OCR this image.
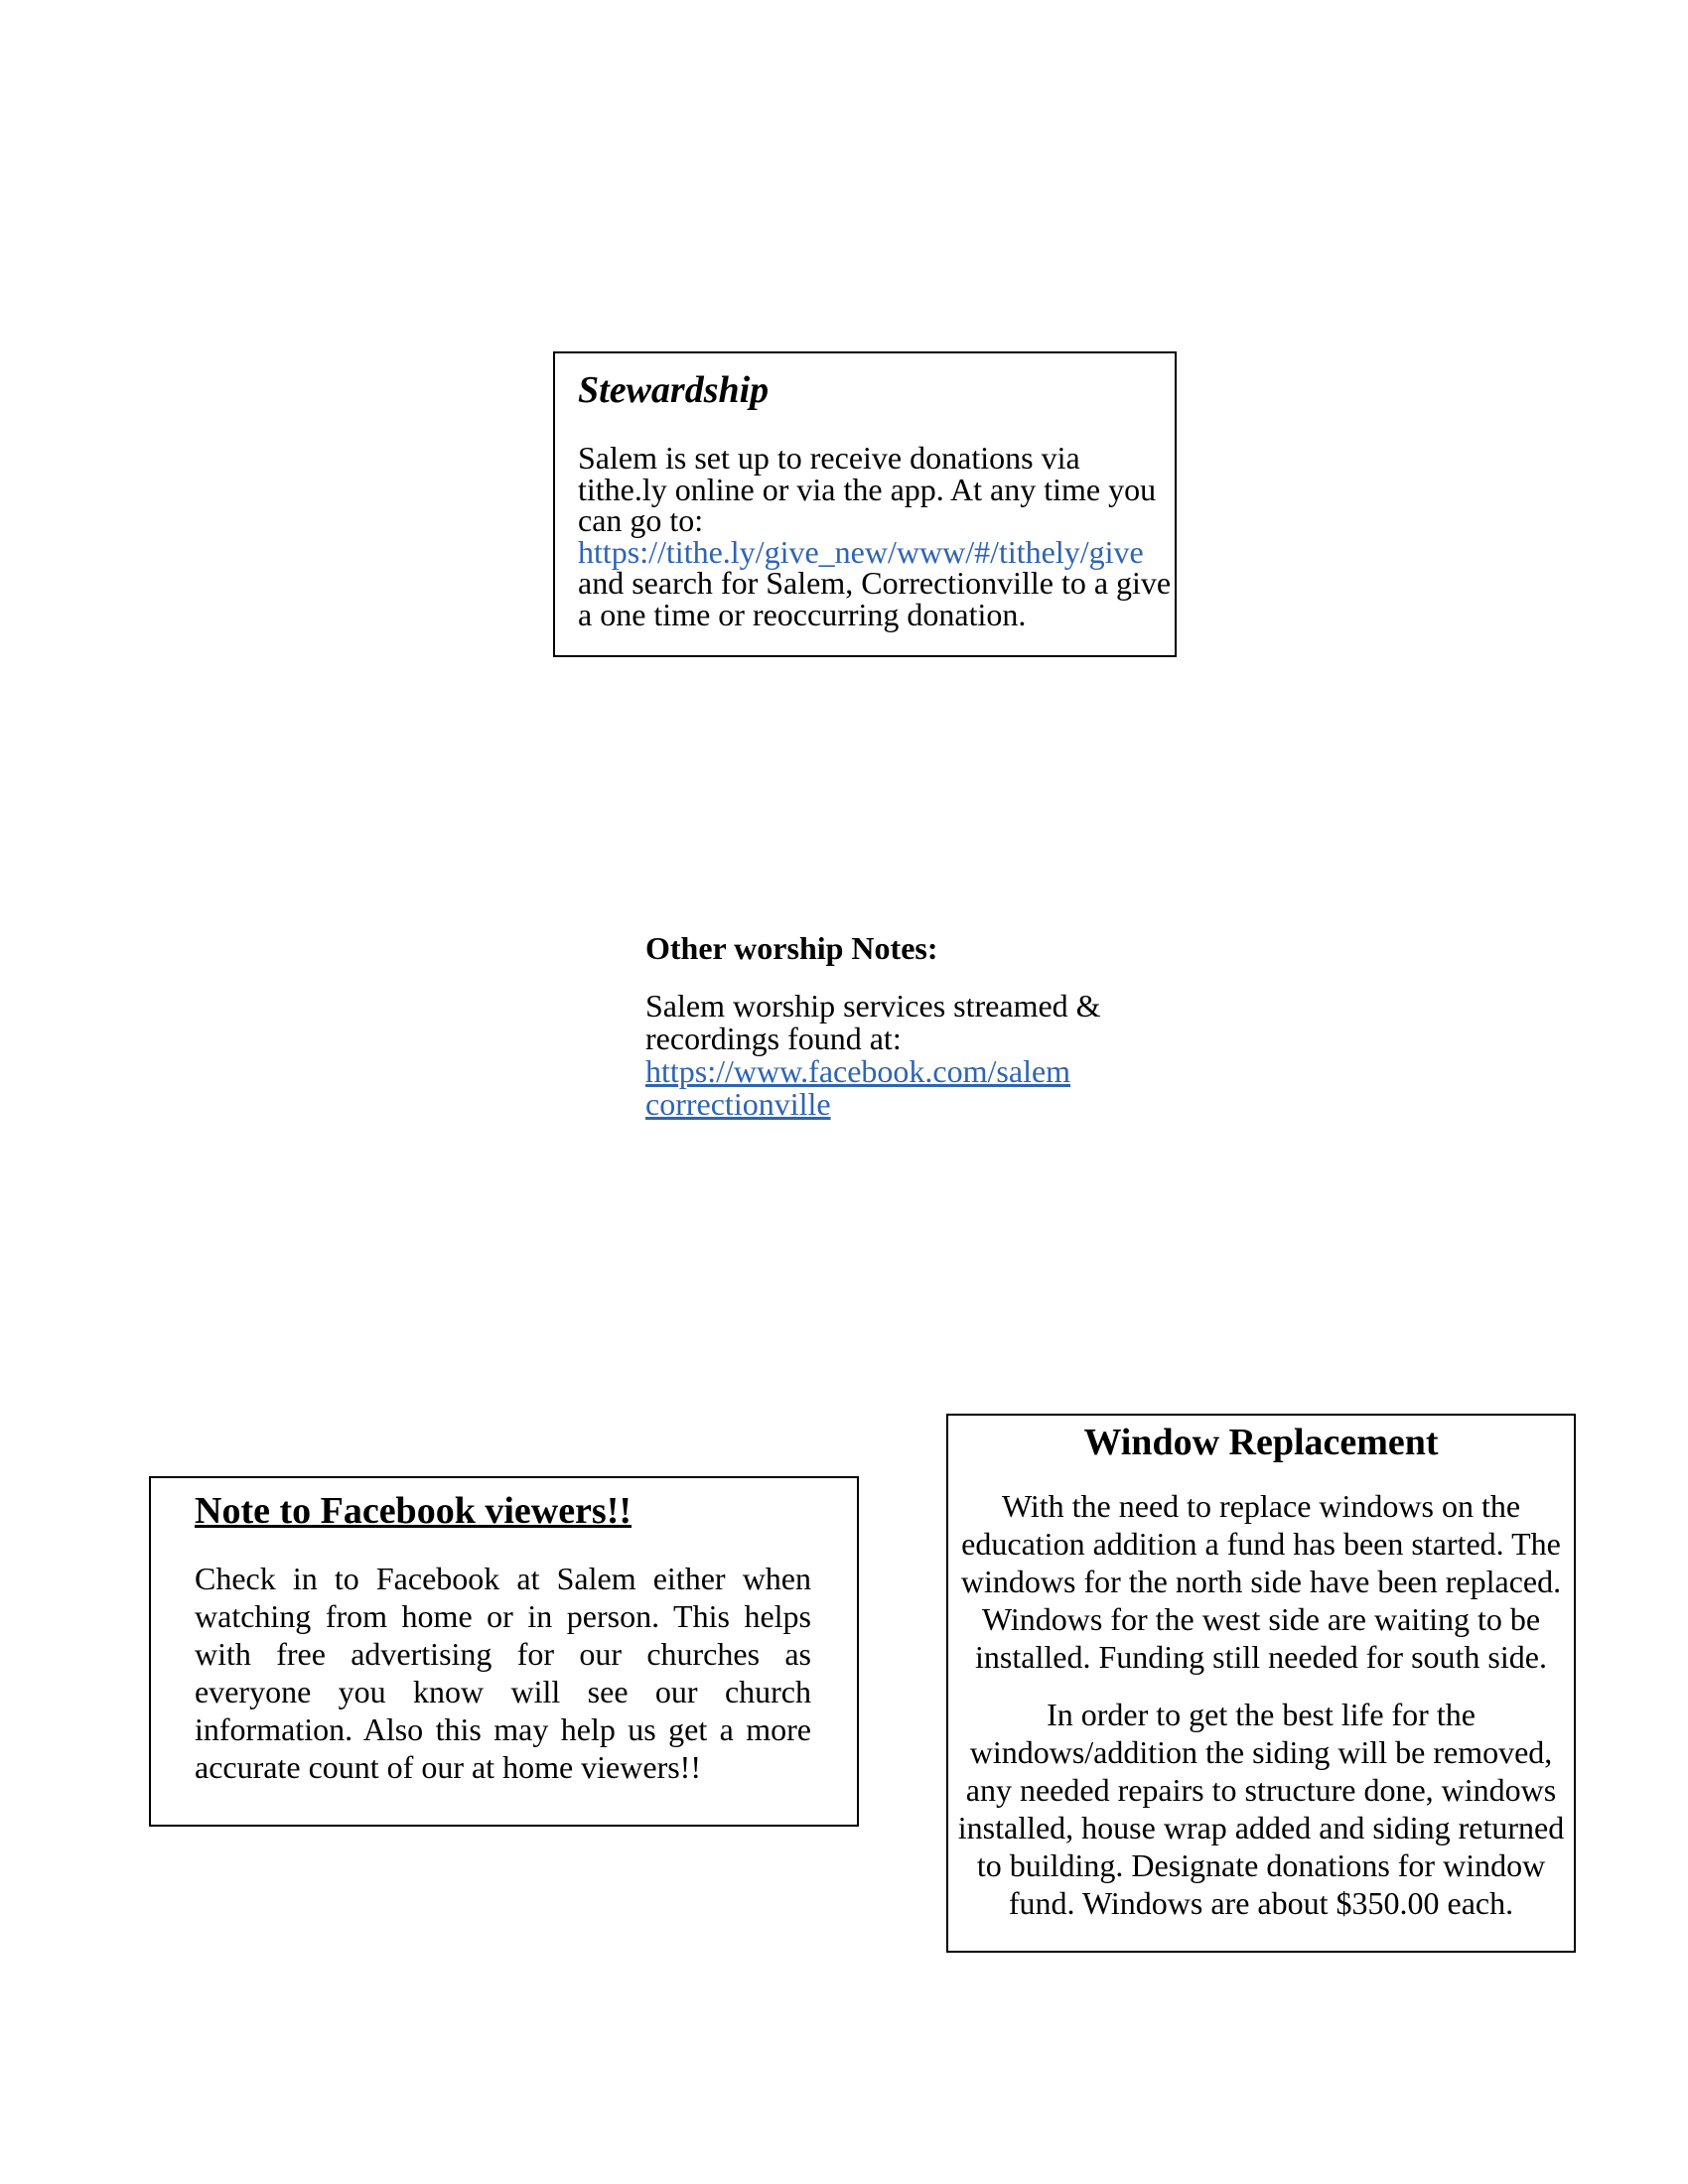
Stewardship
Salem is set up to receive donations via tithe.ly online or via the app. At any time you can go to:
https://tithe.ly/give_new/www/#/tithely/give
and search for Salem, Correctionville to a give a one time or reoccurring donation.
Other worship Notes:
Salem worship services streamed & recordings found at:
https://www.facebook.com/salemcorrectionville
Note to Facebook viewers!!
Check in to Facebook at Salem either when watching from home or in person. This helps with free advertising for our churches as everyone you know will see our church information. Also this may help us get a more accurate count of our at home viewers!!
Window Replacement
With the need to replace windows on the education addition a fund has been started. The windows for the north side have been replaced. Windows for the west side are waiting to be installed. Funding still needed for south side.
In order to get the best life for the windows/addition the siding will be removed, any needed repairs to structure done, windows installed, house wrap added and siding returned to building. Designate donations for window fund. Windows are about $350.00 each.
